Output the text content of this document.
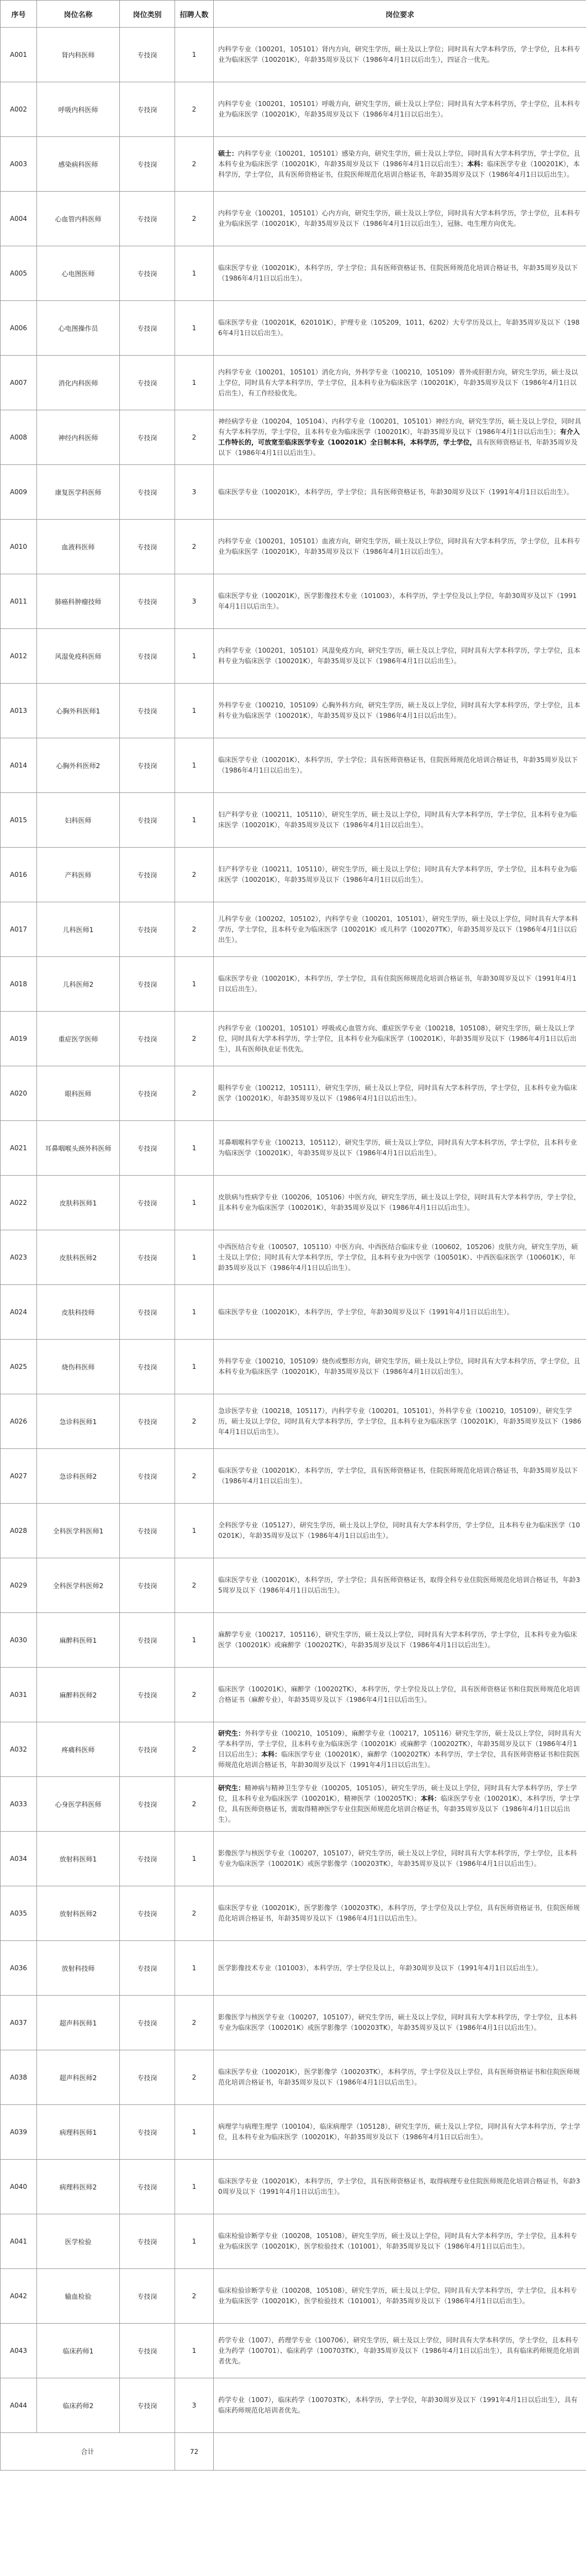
序号	岗位名称	岗位类别	招聘人数	岗位要求
A001	肾内科医师	专技岗	1	内科学专业（100201，105101）肾内方向，研究生学历，硕士及以上学位；同时具有大学本科学历，学士学位，且本科专业为临床医学（100201K），年龄35周岁及以下（1986年4月1日以后出生），四证合一优先。
A002	呼吸内科医师	专技岗	2	内科学专业（100201，105101）呼吸方向，研究生学历，硕士及以上学位；同时具有大学本科学历，学士学位，且本科专业为临床医学（100201K），年龄35周岁及以下（1986年4月1日以后出生）。
A003	感染病科医师	专技岗	2	硕士：内科学专业（100201，105101）感染方向，研究生学历，硕士及以上学位，同时具有大学本科学历，学士学位，且本科专业为临床医学（100201K），年龄35周岁及以下（1986年4月1日以后出生）；本科：临床医学专业（100201K），本科学历，学士学位，具有医师资格证书，住院医师规范化培训合格证书，年龄35周岁及以下（1986年4月1日以后出生）。
A004	心血管内科医师	专技岗	2	内科学专业（100201，105101）心内方向，研究生学历，硕士及以上学位，同时具有大学本科学历，学士学位，且本科专业为临床医学（100201K），年龄35周岁及以下（1986年4月1日以后出生），冠脉、电生理方向优先。
A005	心电图医师	专技岗	1	临床医学专业（100201K），本科学历，学士学位；具有医师资格证书、住院医师规范化培训合格证书，年龄35周岁及以下（1986年4月1日以后出生）。
A006	心电图操作员	专技岗	1	临床医学专业（100201K，620101K），护理专业（105209，1011，6202）大专学历及以上，年龄35周岁及以下（1986年4月1日以后出生）。
A007	消化内科医师	专技岗	1	内科学专业（100201，105101）消化方向，外科学专业（100210，105109）普外或肝胆方向，研究生学历，硕士及以上学位，同时具有大学本科学历，学士学位，且本科专业为临床医学（100201K），年龄35周岁及以下（1986年4月1日以后出生），有工作经验优先。
A008	神经内科医师	专技岗	2	神经病学专业（100204，105104）、内科学专业（100201，105101）神经方向，研究生学历，硕士及以上学位，同时具有大学本科学历，学士学位，且本科专业为临床医学（100201K），年龄35周岁及以下（1986年4月1日以后出生）；有介入工作特长的，可放宽至临床医学专业（100201K）全日制本科，本科学历，学士学位，具有医师资格证书，年龄35周岁及以下（1986年4月1日以后出生）。
A009	康复医学科医师	专技岗	3	临床医学专业（100201K），本科学历，学士学位；具有医师资格证书，年龄30周岁及以下（1991年4月1日以后出生）。
A010	血液科医师	专技岗	2	内科学专业（100201，105101）血液方向，研究生学历，硕士及以上学位，同时具有大学本科学历，学士学位，且本科专业为临床医学（100201K），年龄35周岁及以下（1986年4月1日以后出生）。
A011	肺癌科肿瘤技师	专技岗	3	临床医学专业（100201K），医学影像技术专业（101003），本科学历，学士学位及以上学位，年龄30周岁及以下（1991年4月1日以后出生）。
A012	风湿免疫科医师	专技岗	1	内科学专业（100201，105101）风湿免疫方向，研究生学历，硕士及以上学位，同时具有大学本科学历，学士学位，且本科专业为临床医学（100201K），年龄35周岁及以下（1986年4月1日以后出生）。
A013	心胸外科医师1	专技岗	1	外科学专业（100210，105109）心胸外科方向，研究生学历，硕士及以上学位，同时具有大学本科学历，学士学位，且本科专业为临床医学（100201K），年龄35周岁及以下（1986年4月1日以后出生）。
A014	心胸外科医师2	专技岗	1	临床医学专业（100201K），本科学历，学士学位；具有医师资格证书，住院医师规范化培训合格证书，年龄35周岁及以下（1986年4月1日以后出生）。
A015	妇科医师	专技岗	1	妇产科学专业（100211，105110），研究生学历，硕士及以上学位，同时具有大学本科学历，学士学位，且本科专业为临床医学（100201K），年龄35周岁及以下（1986年4月1日以后出生）。
A016	产科医师	专技岗	2	妇产科学专业（100211，105110），研究生学历，硕士及以上学位；同时具有大学本科学历，学士学位，且本科专业为临床医学（100201K），年龄35周岁及以下（1986年4月1日以后出生）。
A017	儿科医师1	专技岗	2	儿科学专业（100202，105102），内科学专业（100201，105101），研究生学历，硕士及以上学位，同时具有大学本科学历，学士学位，且本科专业为临床医学（100201K）或儿科学（100207TK），年龄35周岁及以下（1986年4月1日以后出生）。
A018	儿科医师2	专技岗	1	临床医学专业（100201K），本科学历，学士学位，具有住院医师规范化培训合格证书，年龄30周岁及以下（1991年4月1日以后出生）。
A019	重症医学医师	专技岗	2	内科学专业（100201，105101）呼吸或心血管方向、重症医学专业（100218，105108），研究生学历，硕士及以上学位，同时具有大学本科学历，学士学位，且本科专业为临床医学（100201K），年龄35周岁及以下（1986年4月1日以后出生），具有医师执业证书优先。
A020	眼科医师	专技岗	2	眼科学专业（100212，105111），研究生学历，硕士及以上学位，同时具有大学本科学历，学士学位，且本科专业为临床医学（100201K），年龄35周岁及以下（1986年4月1日以后出生）。
A021	耳鼻咽喉头颈外科医师	专技岗	1	耳鼻咽喉科学专业（100213，105112），研究生学历，硕士及以上学位，同时具有大学本科学历，学士学位，且本科专业为临床医学（100201K），年龄35周岁及以下（1986年4月1日以后出生）。
A022	皮肤科医师1	专技岗	1	皮肤病与性病学专业（100206，105106）中医方向，研究生学历，硕士及以上学位，同时具有大学本科学历，学士学位，且本科专业为临床医学（100201K），年龄35周岁及以下（1986年4月1日以后出生）。
A023	皮肤科医师2	专技岗	1	中西医结合专业（100507，105110）中医方向、中西医结合临床专业（100602，105206）皮肤方向，研究生学历，硕士及以上学位；同时具有大学本科学历，学士学位，且本科专业为中医学（100501K）、中西医临床医学（100601K），年龄35周岁及以下（1986年4月1日以后出生）。
A024	皮肤科技师	专技岗	1	临床医学专业（100201K），本科学历，学士学位，年龄30周岁及以下（1991年4月1日以后出生）。
A025	烧伤科医师	专技岗	1	外科学专业（100210，105109）烧伤或整形方向，研究生学历，硕士及以上学位，同时具有大学本科学历，学士学位，且本科专业为临床医学（100201K），年龄35周岁及以下（1986年4月1日以后出生）。
A026	急诊科医师1	专技岗	2	急诊医学专业（100218，105117），内科学专业（100201，105101），外科学专业（100210，105109），研究生学历，硕士及以上学位，同时具有大学本科学历，学士学位，且本科专业为临床医学（100201K），年龄35周岁及以下（1986年4月1日以后出生）。
A027	急诊科医师2	专技岗	2	临床医学专业（100201K），本科学历，学士学位，具有医师资格证书，住院医师规范化培训合格证书，年龄35周岁及以下（1986年4月1日以后出生）。
A028	全科医学科医师1	专技岗	1	全科医学专业（105127），研究生学历，硕士及以上学位，同时具有大学本科学历，学士学位，且本科专业为临床医学（100201K），年龄35周岁及以下（1986年4月1日以后出生）。
A029	全科医学科医师2	专技岗	2	临床医学专业（100201K），本科学历，学士学位；具有医师资格证书，取得全科专业住院医师规范化培训合格证书，年龄35周岁及以下（1986年4月1日以后出生）。
A030	麻醉科医师1	专技岗	1	麻醉学专业（100217，105116），研究生学历，硕士及以上学位，同时具有大学本科学历，学士学位，且本科专业为临床医学（100201K）或麻醉学（100202TK），年龄35周岁及以下（1986年4月1日以后出生）。
A031	麻醉科医师2	专技岗	2	临床医学（100201K），麻醉学（100202TK），本科学历，学士学位及以上学位，具有医师资格证书和住院医师规范化培训合格证书（麻醉专业），年龄35周岁及以下（1986年4月1日以后出生）。
A032	疼痛科医师	专技岗	2	研究生：外科学专业（100210，105109），麻醉学专业（100217，105116）研究生学历，硕士及以上学位，同时具有大学本科学历，学士学位，且本科专业为临床医学（100201K）或麻醉学（100202TK），年龄35周岁及以下（1986年4月1日以后出生）；本科：临床医学专业（100201K），麻醉学（100202TK）本科学历，学士学位，具有医师资格证书和住院医师规范化培训合格证书，年龄30周岁及以下（1991年4月1日以后出生）。
A033	心身医学科医师	专技岗	2	研究生：精神病与精神卫生学专业（100205，105105），研究生学历，硕士及以上学位，同时具有大学本科学历，学士学位，且本科专业为临床医学（100201K），精神医学（100205TK）；本科：临床医学专业（100201K），本科学历，学士学位，具有医师资格证书，需取得精神医学专业住院医师规范化培训合格证书，年龄35周岁及以下（1986年4月1日以后出生）。
A034	放射科医师1	专技岗	1	影像医学与核医学专业（100207，105107），研究生学历，硕士及以上学位，同时具有大学本科学历，学士学位，且本科专业为临床医学（100201K）或医学影像学（100203TK），年龄35周岁及以下（1986年4月1日以后出生）。
A035	放射科医师2	专技岗	2	临床医学专业（100201K），医学影像学（100203TK），本科学历，学士学位及以上学位，具有医师资格证书，住院医师规范化培训合格证书，年龄35周岁及以下（1986年4月1日以后出生）。
A036	放射科技师	专技岗	1	医学影像技术专业（101003），本科学历，学士学位及以上，年龄30周岁及以下（1991年4月1日以后出生）。
A037	超声科医师1	专技岗	2	影像医学与核医学专业（100207，105107），研究生学历，硕士及以上学位，同时具有大学本科学历，学士学位，且本科专业为临床医学（100201K）或医学影像学（100203TK），年龄35周岁及以下（1986年4月1日以后出生）。
A038	超声科医师2	专技岗	2	临床医学专业（100201K），医学影像学（100203TK），本科学历，学士学位及以上学位，具有医师资格证书和住院医师规范化培训合格证书，年龄35周岁及以下（1986年4月1日以后出生）。
A039	病理科医师1	专技岗	1	病理学与病理生理学（100104），临床病理学（105128），研究生学历，硕士及以上学位，同时具有大学本科学历，学士学位，且本科专业为临床医学（100201K），年龄35周岁及以下（1986年4月1日以后出生）。
A040	病理科医师2	专技岗	1	临床医学专业（100201K），本科学历，学士学位，具有医师资格证书，取得病理专业住院医师规范化培训合格证书，年龄30周岁及以下（1991年4月1日以后出生）。
A041	医学检验	专技岗	1	临床检验诊断学专业（100208，105108），研究生学历，硕士及以上学位，同时具有大学本科学历，学士学位，且本科专业为临床医学（100201K），医学检验技术（101001），年龄35周岁及以下（1986年4月1日以后出生）。
A042	输血检验	专技岗	2	临床检验诊断学专业（100208，105108），研究生学历，硕士及以上学位，同时具有大学本科学历，学士学位，且本科专业为临床医学（100201K），医学检验技术（101001），年龄35周岁及以下（1986年4月1日以后出生）。
A043	临床药师1	专技岗	1	药学专业（1007），药理学专业（100706），研究生学历，硕士及以上学位，同时具有大学本科学历，学士学位，且本科专业为药学（100701）、临床药学（100703TK），年龄35周岁及以下（1986年4月1日以后出生），具有临床药师规范化培训者优先。
A044	临床药师2	专技岗	3	药学专业（1007），临床药学（100703TK），本科学历，学士学位，年龄30周岁及以下（1991年4月1日以后出生），具有临床药师规范化培训者优先。
合计			72	
